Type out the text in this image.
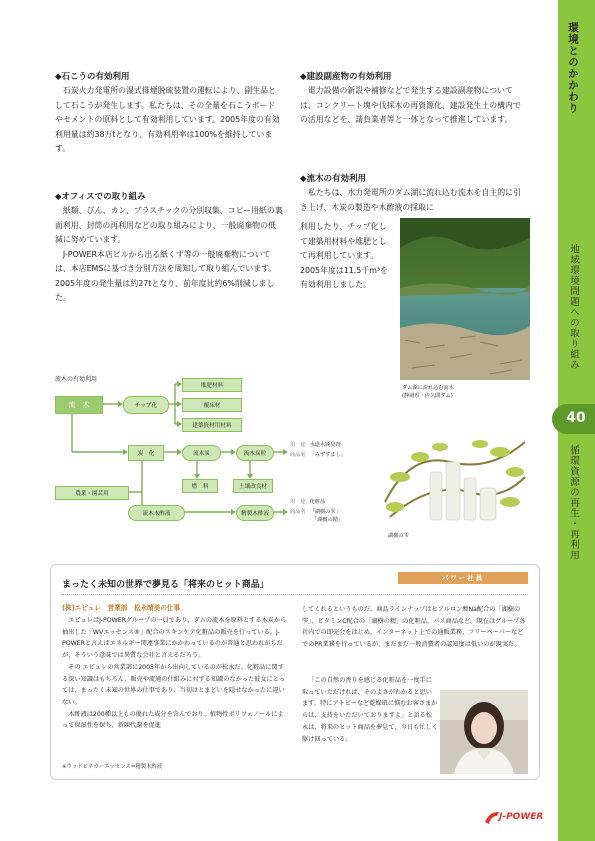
環境とのかかわり
地域環境問題への取り組み
40
循環資源の再生・再利用
◆石こうの有効利用

石炭火力発電所の湿式排煙脱硫装置の運転により、副生品として石こうが発生します。私たちは、その全量を石こうボードやセメントの原料として有効利用しています。2005年度の有効利用量は約38万tとなり、有効利用率は100%を維持しています。

◆オフィスでの取り組み

紙類、びん、カン、プラスチックの分別収集、コピー用紙の裏面利用、封筒の再利用などの取り組みにより、一般廃棄物の低減に努めています。

J-POWER本店ビルから出る紙くず等の一般廃棄物については、本店EMSに基づき分別方法を周知して取り組んでいます。2005年度の発生量は約27tとなり、前年度比約6%削減しました。

◆建設副産物の有効利用

電力設備の新設や補修などで発生する建設副産物については、コンクリート塊や伐採木の再資源化、建設発生土の構内での活用などを、請負業者等と一体となって推進しています。

◆流木の有効利用

私たちは、水力発電所のダム湖に流れ込む流木を自主的に引き上げ、木炭の製造や木酢液の採取に

利用したり、チップ化して建築用材料や堆肥として再利用しています。2005年度は11.5千m³を有効利用しました。
ダム湖に流れ込む流木
(静岡県・佐久間ダム)
流木の有効利用
流　木	チップ化
堆肥材料
覆床材
建築資材用材料
炭　化	流木炭	流木炭粒
燃　料	土壌改良材
農業・園芸用
流木木酢液	精製木酢液
用　途 水道水脱臭剤
商品名 「みずすまし」
用　途 化粧品
商品名 「湖樹の雫」
「湖樹の精」
湖樹の雫
パワー社員
まったく未知の世界で夢見る「将来のヒット商品」
(株)エピュレ　営業部　松永晴美の仕事

エピュレはJ-POWERグループの一員であり、ダムの流木を原料とする木炭から抽出した「WVエッセンス®」配合のスキンケア化粧品の販売を行っている。J-POWERと言えばエネルギー関連事業にかかわっているのが普通と思われがちだが、そういう意味では異質な会社と言えるだろう。

その エピュレの営業部に2005年から出向しているのが松永だ。化粧品に関する深い知識はもちろん、販売や流通の仕組みに対する知識のなかった彼女にとっては、まったく未知の世界の仕事であり、当初はとまどいを隠せなかったに違いない。

木酢液は200種以上もの優れた成分を含んでおり、植物性ポリフェノールによって保湿性を保ち、新陳代謝を促進

※ウッドビネガーエッセンス=精製木酢液
してくれるというものだ。商品ラインナップはヒアルロン酸Na配合の「湖樹の雫」、ビタミンC配合の「湖樹の精」の化粧品、パス商品など。現在はグループ各社内での即売会をはじめ、インターネット上での通販業務、フリーペーパーなどでのPR業務を行っているが、まだまだ一般消費者の認知度は低いのが現実だ。
「この自然の香りを感じる化粧品を一度手に取っていただければ、そのよさがわかると思います。特にアトピーなど乾燥肌に悩むお客さまからは、支持をいただいておりますよ」と語る松永は、将来のヒット商品を夢見て、今日も忙しく駆け回っている。
J-POWER
